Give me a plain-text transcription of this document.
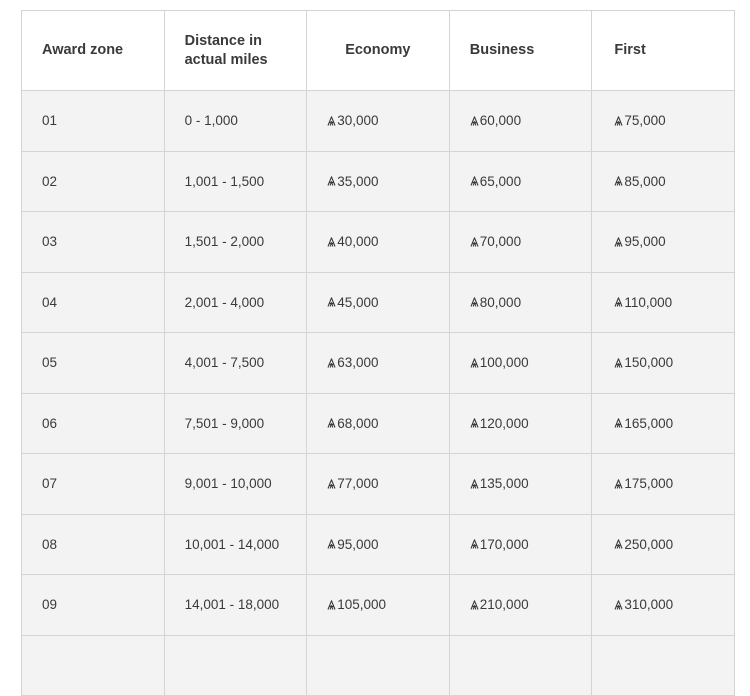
Award zone	Distance in actual miles	Economy	Business	First
01	0 - 1,000	30,000	60,000	75,000

02	1,001 - 1,500	35,000	65,000	85,000

03	1,501 - 2,000	40,000	70,000	95,000

04	2,001 - 4,000	45,000	80,000	110,000

05	4,001 - 7,500	63,000	100,000	150,000

06	7,501 - 9,000	68,000	120,000	165,000

07	9,001 - 10,000	77,000	135,000	175,000

08	10,001 - 14,000	95,000	170,000	250,000

09	14,001 - 18,000	105,000	210,000	310,000
